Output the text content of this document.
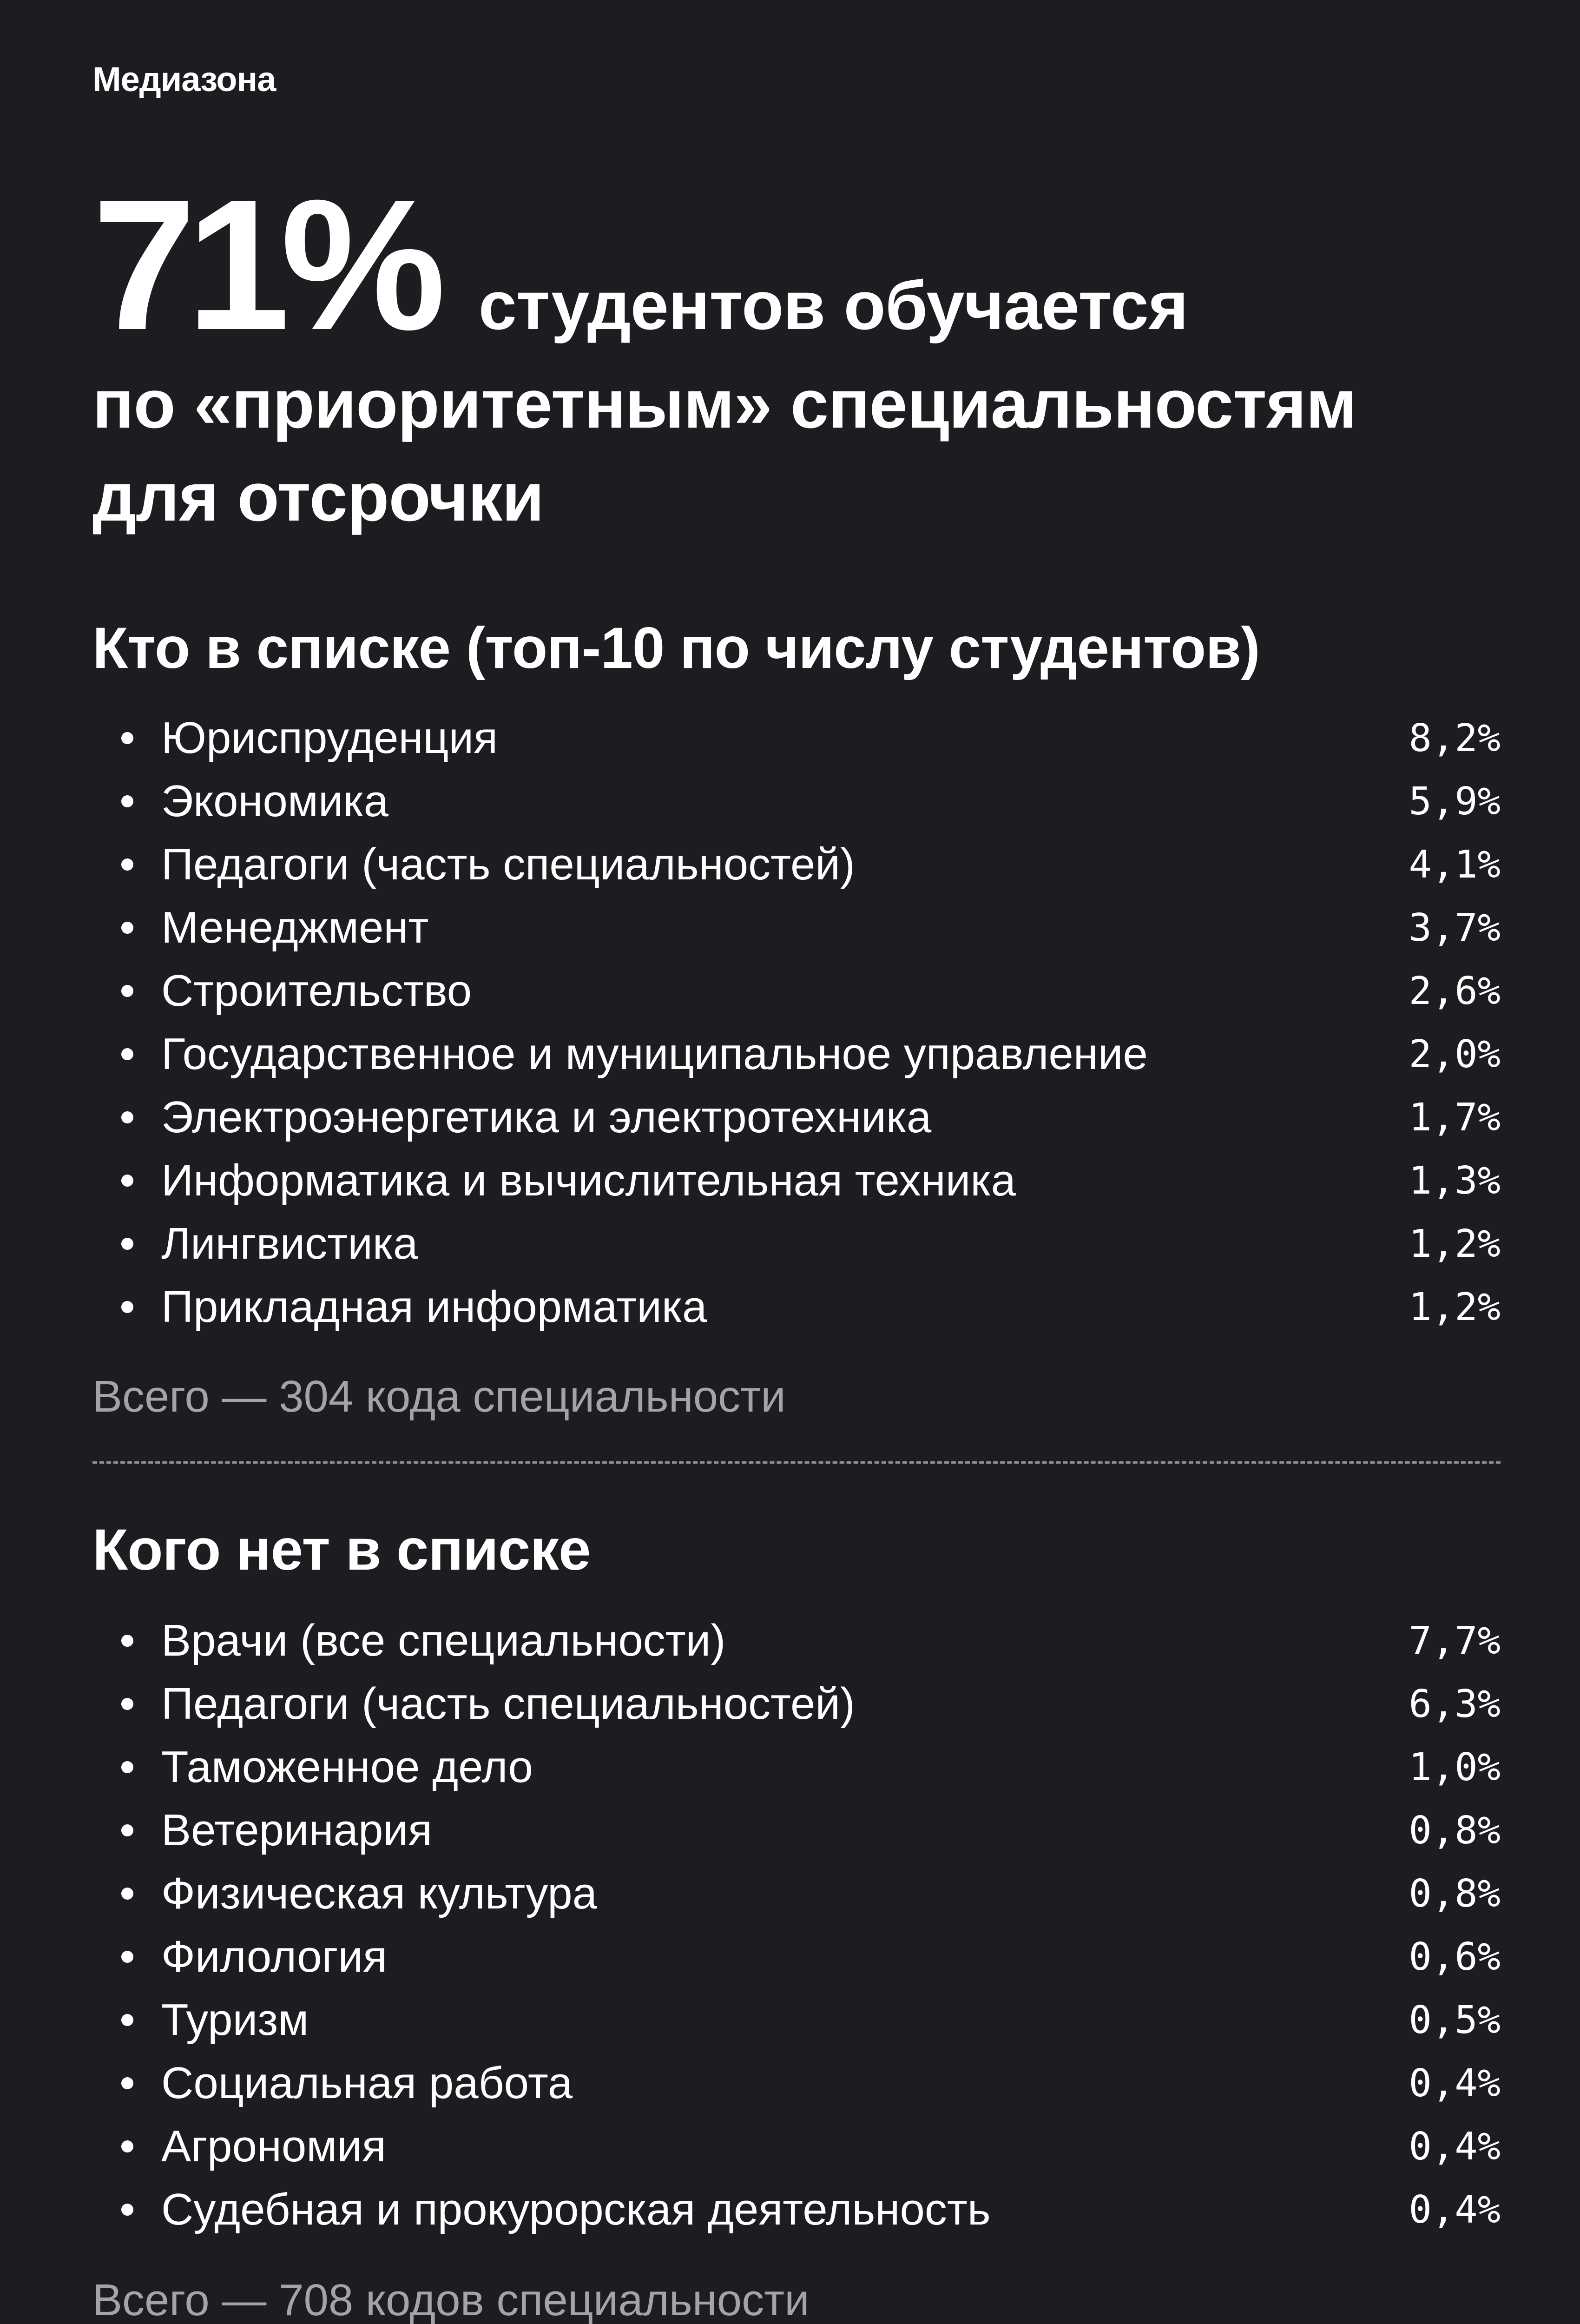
Медиазона
71% студентов обучается
по «приоритетным» специальностям
для отсрочки
Кто в списке (топ-10 по числу студентов)
Юриспруденция	8,2%
Экономика	5,9%
Педагоги (часть специальностей)	4,1%
Менеджмент	3,7%
Строительство	2,6%
Государственное и муниципальное управление	2,0%
Электроэнергетика и электротехника	1,7%
Информатика и вычислительная техника	1,3%
Лингвистика	1,2%
Прикладная информатика	1,2%
Всего — 304 кода специальности
Кого нет в списке
Врачи (все специальности)	7,7%
Педагоги (часть специальностей)	6,3%
Таможенное дело	1,0%
Ветеринария	0,8%
Физическая культура	0,8%
Филология	0,6%
Туризм	0,5%
Социальная работа	0,4%
Агрономия	0,4%
Судебная и прокурорская деятельность	0,4%
Всего — 708 кодов специальности
